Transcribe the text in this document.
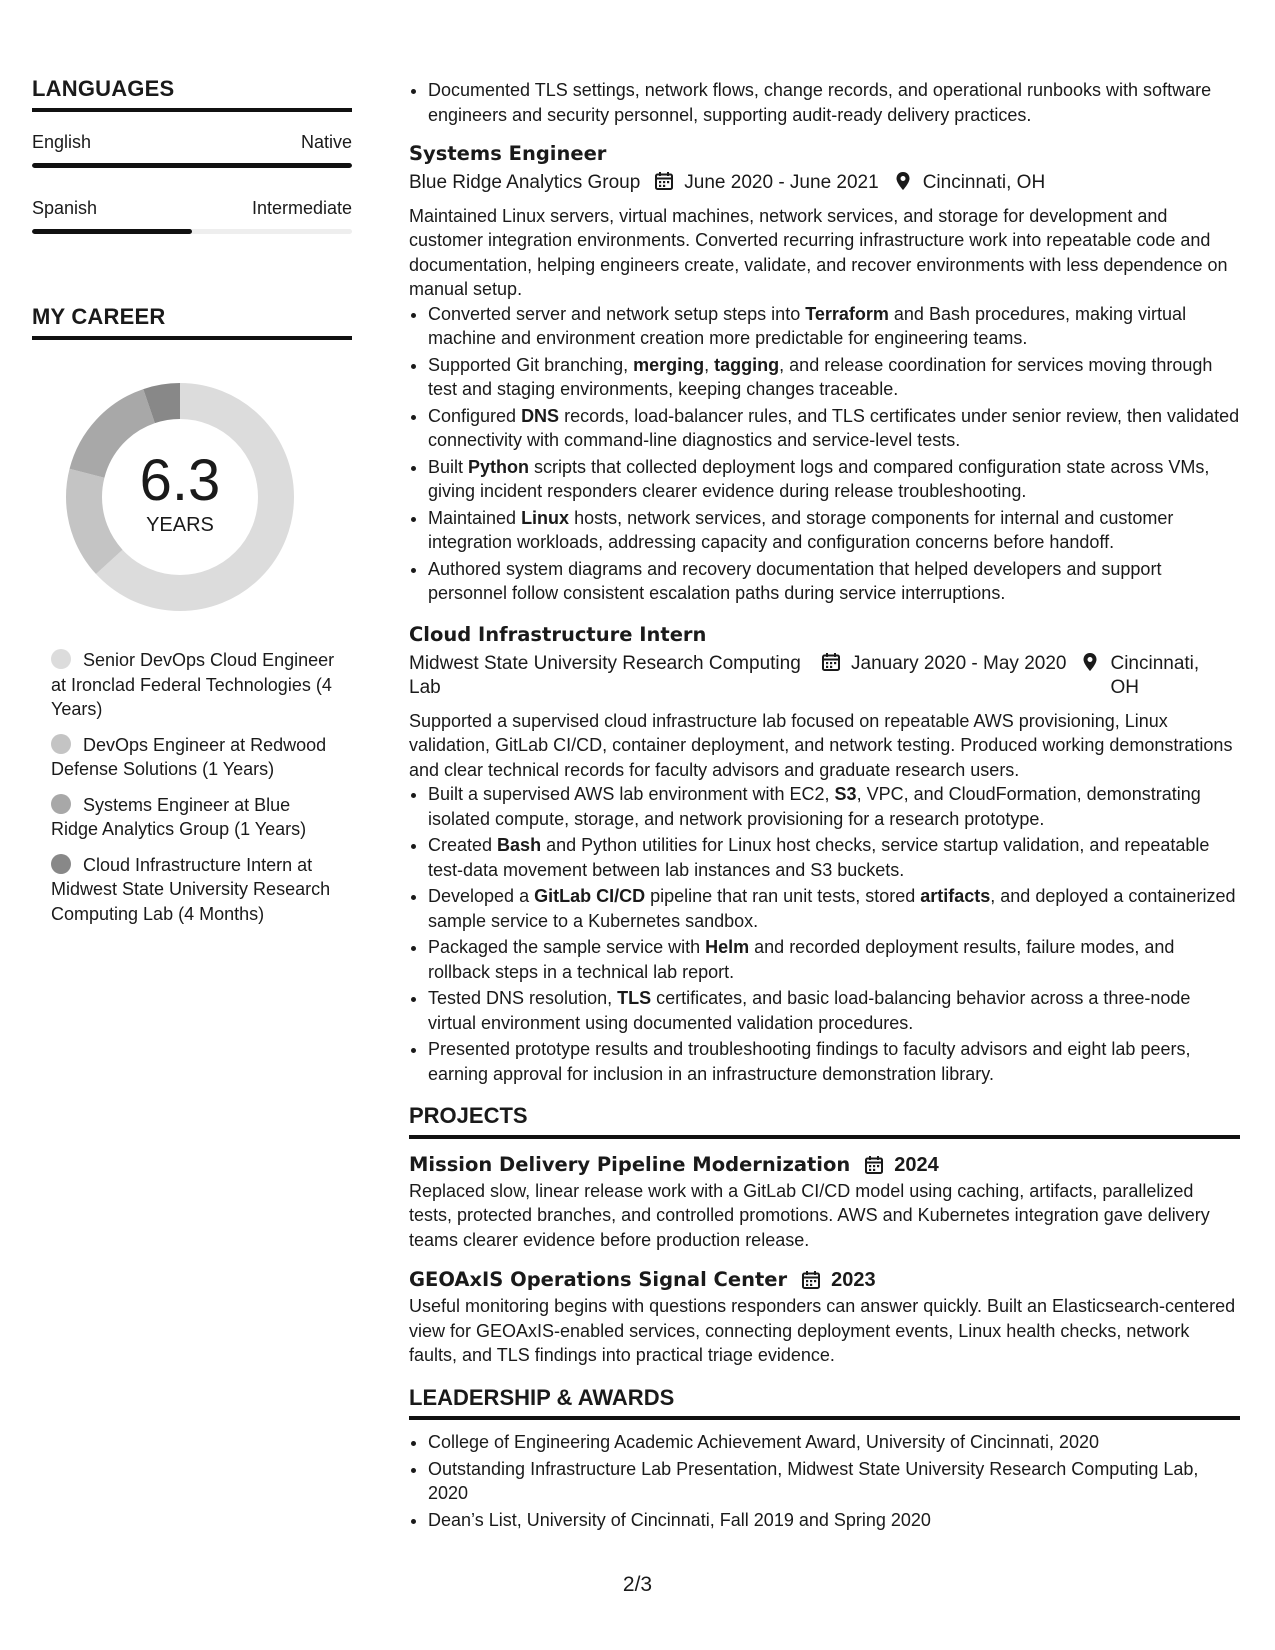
LANGUAGES
English	Native
Spanish	Intermediate
MY CAREER
6.3
YEARS
Senior DevOps Cloud Engineer at Ironclad Federal Technologies (4 Years)
DevOps Engineer at Redwood Defense Solutions (1 Years)
Systems Engineer at Blue Ridge Analytics Group (1 Years)
Cloud Infrastructure Intern at Midwest State University Research Computing Lab (4 Months)
• Documented TLS settings, network flows, change records, and operational runbooks with software engineers and security personnel, supporting audit-ready delivery practices.
Systems Engineer
Blue Ridge Analytics Group June 2020 - June 2021 Cincinnati, OH
Maintained Linux servers, virtual machines, network services, and storage for development and customer integration environments. Converted recurring infrastructure work into repeatable code and documentation, helping engineers create, validate, and recover environments with less dependence on manual setup.
• Converted server and network setup steps into Terraform and Bash procedures, making virtual machine and environment creation more predictable for engineering teams.
• Supported Git branching, merging, tagging, and release coordination for services moving through test and staging environments, keeping changes traceable.
• Configured DNS records, load-balancer rules, and TLS certificates under senior review, then validated connectivity with command-line diagnostics and service-level tests.
• Built Python scripts that collected deployment logs and compared configuration state across VMs, giving incident responders clearer evidence during release troubleshooting.
• Maintained Linux hosts, network services, and storage components for internal and customer integration workloads, addressing capacity and configuration concerns before handoff.
• Authored system diagrams and recovery documentation that helped developers and support personnel follow consistent escalation paths during service interruptions.
Cloud Infrastructure Intern
Midwest State University Research Computing Lab
January 2020 - May 2020 Cincinnati, OH
Supported a supervised cloud infrastructure lab focused on repeatable AWS provisioning, Linux validation, GitLab CI/CD, container deployment, and network testing. Produced working demonstrations and clear technical records for faculty advisors and graduate research users.
• Built a supervised AWS lab environment with EC2, S3, VPC, and CloudFormation, demonstrating isolated compute, storage, and network provisioning for a research prototype.
• Created Bash and Python utilities for Linux host checks, service startup validation, and repeatable test-data movement between lab instances and S3 buckets.
• Developed a GitLab CI/CD pipeline that ran unit tests, stored artifacts, and deployed a containerized sample service to a Kubernetes sandbox.
• Packaged the sample service with Helm and recorded deployment results, failure modes, and rollback steps in a technical lab report.
• Tested DNS resolution, TLS certificates, and basic load-balancing behavior across a three-node virtual environment using documented validation procedures.
• Presented prototype results and troubleshooting findings to faculty advisors and eight lab peers, earning approval for inclusion in an infrastructure demonstration library.
PROJECTS
Mission Delivery Pipeline Modernization 2024
Replaced slow, linear release work with a GitLab CI/CD model using caching, artifacts, parallelized tests, protected branches, and controlled promotions. AWS and Kubernetes integration gave delivery teams clearer evidence before production release.
GEOAxIS Operations Signal Center 2023
Useful monitoring begins with questions responders can answer quickly. Built an Elasticsearch-centered view for GEOAxIS-enabled services, connecting deployment events, Linux health checks, network faults, and TLS findings into practical triage evidence.
LEADERSHIP & AWARDS
• College of Engineering Academic Achievement Award, University of Cincinnati, 2020
• Outstanding Infrastructure Lab Presentation, Midwest State University Research Computing Lab, 2020
• Dean’s List, University of Cincinnati, Fall 2019 and Spring 2020
2/3
